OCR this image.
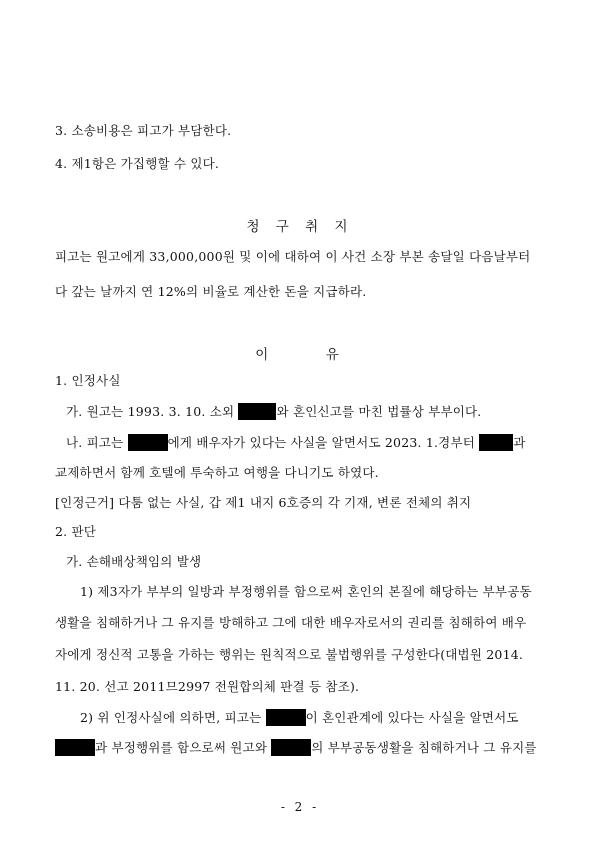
3. 소송비용은 피고가 부담한다.
4. 제1항은 가집행할 수 있다.
청 구 취 지
피고는 원고에게 33,000,000원 및 이에 대하여 이 사건 소장 부본 송달일 다음날부터
다 갚는 날까지 연 12%의 비율로 계산한 돈을 지급하라.
이     유
1. 인정사실
가. 원고는 1993. 3. 10. 소외	와 혼인신고를 마친 법률상 부부이다.
나. 피고는	에게 배우자가 있다는 사실을 알면서도 2023. 1.경부터	과
교제하면서 함께 호텔에 투숙하고 여행을 다니기도 하였다.
[인정근거] 다툼 없는 사실, 갑 제1 내지 6호증의 각 기재, 변론 전체의 취지
2. 판단
가. 손해배상책임의 발생
1) 제3자가 부부의 일방과 부정행위를 함으로써 혼인의 본질에 해당하는 부부공동
생활을 침해하거나 그 유지를 방해하고 그에 대한 배우자로서의 권리를 침해하여 배우
자에게 정신적 고통을 가하는 행위는 원칙적으로 불법행위를 구성한다(대법원 2014.
11. 20. 선고 2011므2997 전원합의체 판결 등 참조).
2) 위 인정사실에 의하면, 피고는	이 혼인관계에 있다는 사실을 알면서도
과 부정행위를 함으로써 원고와	의 부부공동생활을 침해하거나 그 유지를
- 2 -
